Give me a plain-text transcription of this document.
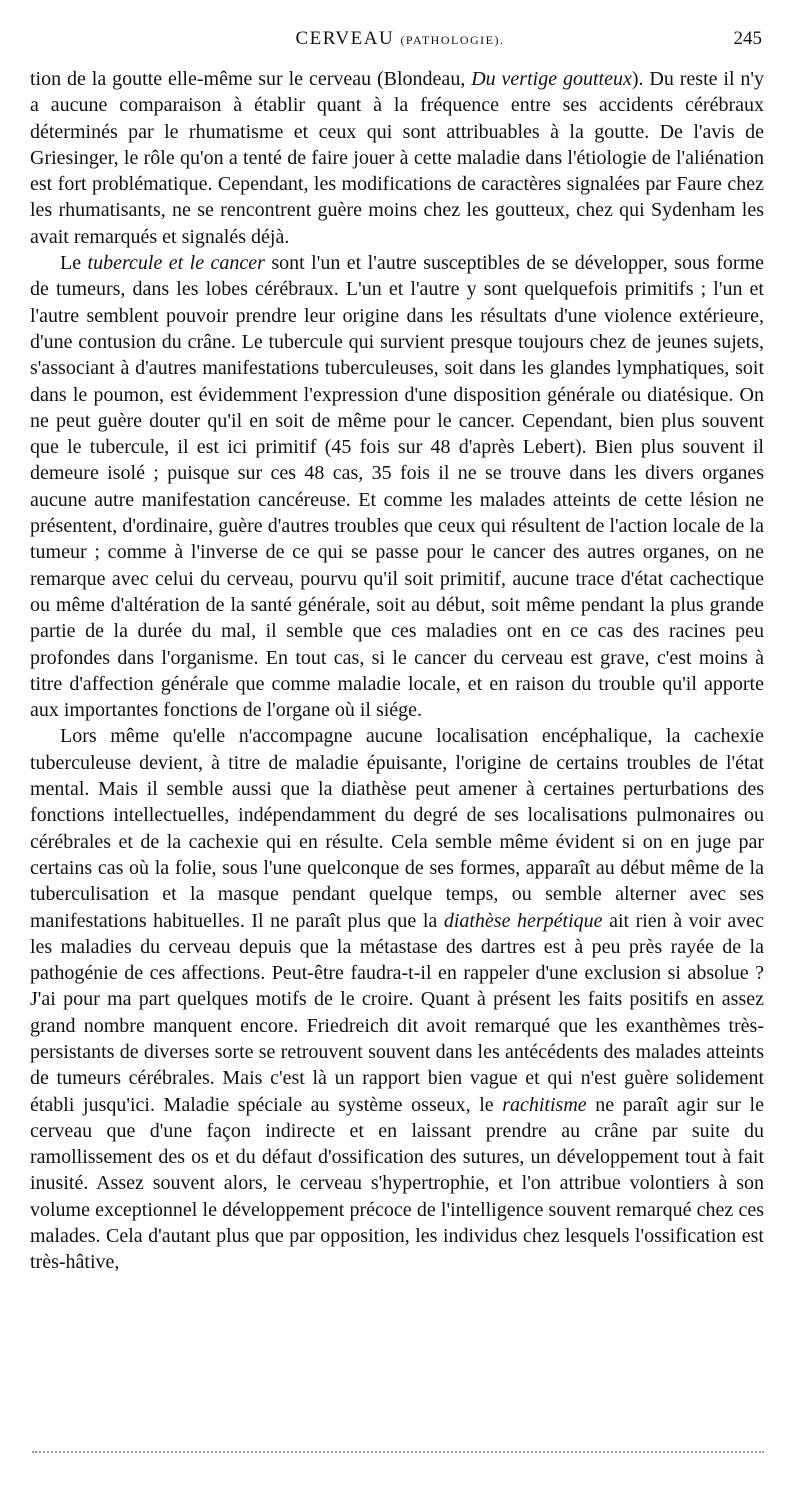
CERVEAU (PATHOLOGIE).	245

tion de la goutte elle-même sur le cerveau (Blondeau, Du vertige goutteux). Du reste il n'y a aucune comparaison à établir quant à la fréquence entre ses accidents cérébraux déterminés par le rhumatisme et ceux qui sont attribuables à la goutte. De l'avis de Griesinger, le rôle qu'on a tenté de faire jouer à cette maladie dans l'étiologie de l'aliénation est fort problématique. Cependant, les modifications de caractères signalées par Faure chez les rhumatisants, ne se rencontrent guère moins chez les goutteux, chez qui Sydenham les avait remarqués et signalés déjà.

Le tubercule et le cancer sont l'un et l'autre susceptibles de se développer, sous forme de tumeurs, dans les lobes cérébraux. L'un et l'autre y sont quelquefois primitifs ; l'un et l'autre semblent pouvoir prendre leur origine dans les résultats d'une violence extérieure, d'une contusion du crâne. Le tubercule qui survient presque toujours chez de jeunes sujets, s'associant à d'autres manifestations tuberculeuses, soit dans les glandes lymphatiques, soit dans le poumon, est évidemment l'expression d'une disposition générale ou diatésique. On ne peut guère douter qu'il en soit de même pour le cancer. Cependant, bien plus souvent que le tubercule, il est ici primitif (45 fois sur 48 d'après Lebert). Bien plus souvent il demeure isolé ; puisque sur ces 48 cas, 35 fois il ne se trouve dans les divers organes aucune autre manifestation cancéreuse. Et comme les malades atteints de cette lésion ne présentent, d'ordinaire, guère d'autres troubles que ceux qui résultent de l'action locale de la tumeur ; comme à l'inverse de ce qui se passe pour le cancer des autres organes, on ne remarque avec celui du cerveau, pourvu qu'il soit primitif, aucune trace d'état cachectique ou même d'altération de la santé générale, soit au début, soit même pendant la plus grande partie de la durée du mal, il semble que ces maladies ont en ce cas des racines peu profondes dans l'organisme. En tout cas, si le cancer du cerveau est grave, c'est moins à titre d'affection générale que comme maladie locale, et en raison du trouble qu'il apporte aux importantes fonctions de l'organe où il siége.

Lors même qu'elle n'accompagne aucune localisation encéphalique, la cachexie tuberculeuse devient, à titre de maladie épuisante, l'origine de certains troubles de l'état mental. Mais il semble aussi que la diathèse peut amener à certaines perturbations des fonctions intellectuelles, indépendamment du degré de ses localisations pulmonaires ou cérébrales et de la cachexie qui en résulte. Cela semble même évident si on en juge par certains cas où la folie, sous l'une quelconque de ses formes, apparaît au début même de la tuberculisation et la masque pendant quelque temps, ou semble alterner avec ses manifestations habituelles. Il ne paraît plus que la diathèse herpétique ait rien à voir avec les maladies du cerveau depuis que la métastase des dartres est à peu près rayée de la pathogénie de ces affections. Peut-être faudra-t-il en rappeler d'une exclusion si absolue ? J'ai pour ma part quelques motifs de le croire. Quant à présent les faits positifs en assez grand nombre manquent encore. Friedreich dit avoit remarqué que les exanthèmes très-persistants de diverses sorte se retrouvent souvent dans les antécédents des malades atteints de tumeurs cérébrales. Mais c'est là un rapport bien vague et qui n'est guère solidement établi jusqu'ici. Maladie spéciale au système osseux, le rachitisme ne paraît agir sur le cerveau que d'une façon indirecte et en laissant prendre au crâne par suite du ramollissement des os et du défaut d'ossification des sutures, un développement tout à fait inusité. Assez souvent alors, le cerveau s'hypertrophie, et l'on attribue volontiers à son volume exceptionnel le développement précoce de l'intelligence souvent remarqué chez ces malades. Cela d'autant plus que par opposition, les individus chez lesquels l'ossification est très-hâtive,
